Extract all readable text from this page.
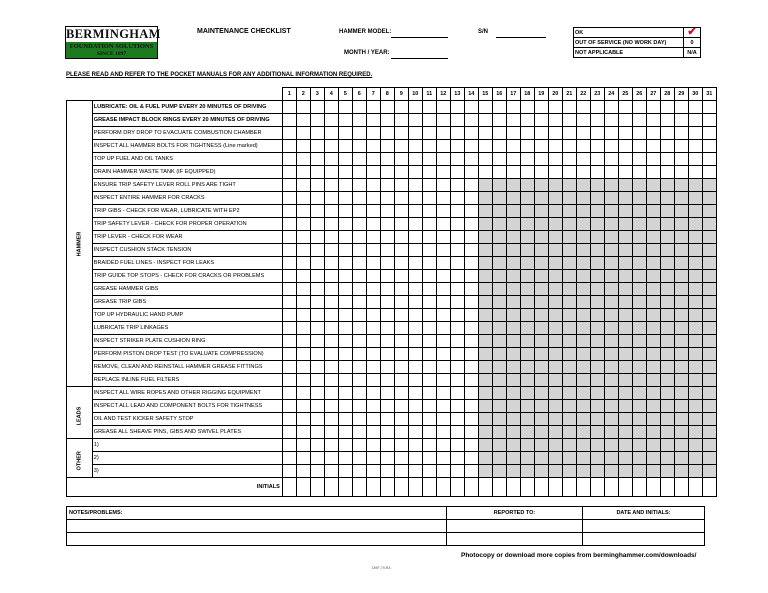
BERMINGHAM
FOUNDATION SOLUTIONS
SINCE 1897
MAINTENANCE CHECKLIST	HAMMER MODEL:	S/N
MONTH / YEAR:
OK	✔
OUT OF SERVICE (NO WORK DAY)	0
NOT APPLICABLE	N/A
PLEASE READ AND REFER TO THE POCKET MANUALS FOR ANY ADDITIONAL INFORMATION REQUIRED.
		1	2	3	4	5	6	7	8	9	10	11	12	13	14	15	16	17	18	19	20	21	22	23	24	25	26	27	28	29	30	31

HAMMER	LUBRICATE: OIL & FUEL PUMP EVERY 20 MINUTES OF DRIVING																															
	GREASE IMPACT BLOCK RINGS EVERY 20 MINUTES OF DRIVING																															
	PERFORM DRY DROP TO EVACUATE COMBUSTION CHAMBER																															
	INSPECT ALL HAMMER BOLTS FOR TIGHTNESS (Line marked)																															
	TOP UP FUEL AND OIL TANKS																															
	DRAIN HAMMER WASTE TANK (IF EQUIPPED)																															
	ENSURE TRIP SAFETY LEVER ROLL PINS ARE TIGHT																															
	INSPECT ENTIRE HAMMER FOR CRACKS																															
	TRIP GIBS - CHECK FOR WEAR, LUBRICATE WITH EP2																															
	TRIP SAFETY LEVER - CHECK FOR PROPER OPERATION																															
	TRIP LEVER - CHECK FOR WEAR																															
	INSPECT CUSHION STACK TENSION																															
	BRAIDED FUEL LINES - INSPECT FOR LEAKS																															
	TRIP GUIDE TOP STOPS - CHECK FOR CRACKS OR PROBLEMS																															
	GREASE HAMMER GIBS																															
	GREASE TRIP GIBS																															
	TOP UP HYDRAULIC HAND PUMP																															
	LUBRICATE TRIP LINKAGES																															
	INSPECT STRIKER PLATE CUSHION RING																															
	PERFORM PISTON DROP TEST (TO EVALUATE COMPRESSION)																															
	REMOVE, CLEAN AND REINSTALL HAMMER GREASE FITTINGS																															
	REPLACE INLINE FUEL FILTERS																															

LEADS	INSPECT ALL WIRE ROPES AND OTHER RIGGING EQUIPMENT																															
	INSPECT ALL LEAD AND COMPONENT BOLTS FOR TIGHTNESS																															
	OIL AND TEST KICKER SAFETY STOP																															
	GREASE ALL SHEAVE PINS, GIBS AND SWIVEL PLATES																															

OTHER	1)																															
	2)																															
	3)																															
INITIALS																																
NOTES/PROBLEMS:	REPORTED TO:	DATE AND INITIALS:

Photocopy or download more copies from berminghammer.com/downloads/
DMF-79-RA
